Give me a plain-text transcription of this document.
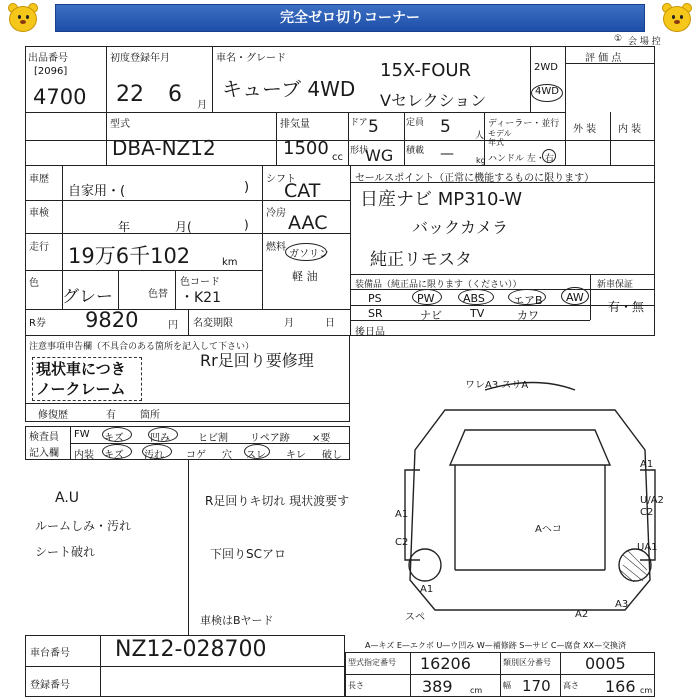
完全ゼロ切りコーナー
① 会 場 控
出品番号
[2096]
4700
初度登録年月
22 6 月
車名・グレード
キューブ 4WD
15X-FOUR
Vセレクション
2WD
4WD
評 価 点
外 装 内 装
型式
DBA-NZ12
排気量
1500 cc
ドア 5	定員 5	人
形状
WG 積載 —	kg
ディーラー・並行
モデル
年式
ハンドル 左・右
車歴
自家用・(	)
車検
年	月(	)
走行 19万6千102	km
色
グレー	色替
色コード
・K21
シフト
CAT
冷房 AAC
燃料
ガソリン
軽 油
セールスポイント（正常に機能するものに限ります）
日産ナビ MP310-W
バックカメラ
純正リモスタ
装備品（純正品に限ります（ください））	新車保証
有・無
PS	PW	ABS	エアB AW
SR	ナビ	TV	カワ
後日品
R券 9820	円 名変期限	月	日
注意事項申告欄（不具合のある箇所を記入して下さい）
Rr足回り要修理
現状車につき
ノークレーム
修復歴	有 箇所
検査員
記入欄
FW キズ	凹み	ヒビ割 リペア跡 ×要
内装 キズ 汚れ コゲ 穴 スレ キレ 破し
A.U
ルームしみ・汚れ
シート破れ
R足回りキ切れ 現状渡要す
下回りSCアロ
車検はBヤード
ワレA3 スリA
A1
U/A2
C2
UA1
A1
C2
A1
Aヘコ
スペ	A2
A3
A—キズ E—エクボ U—ウ凹み W—補修跡 S—サビ C—腐食 XX—交換済
車台番号 NZ12-028700
登録番号
型式指定番号 16206	類別区分番号 0005
長さ	389 cm
幅 170 高さ 166 cm
